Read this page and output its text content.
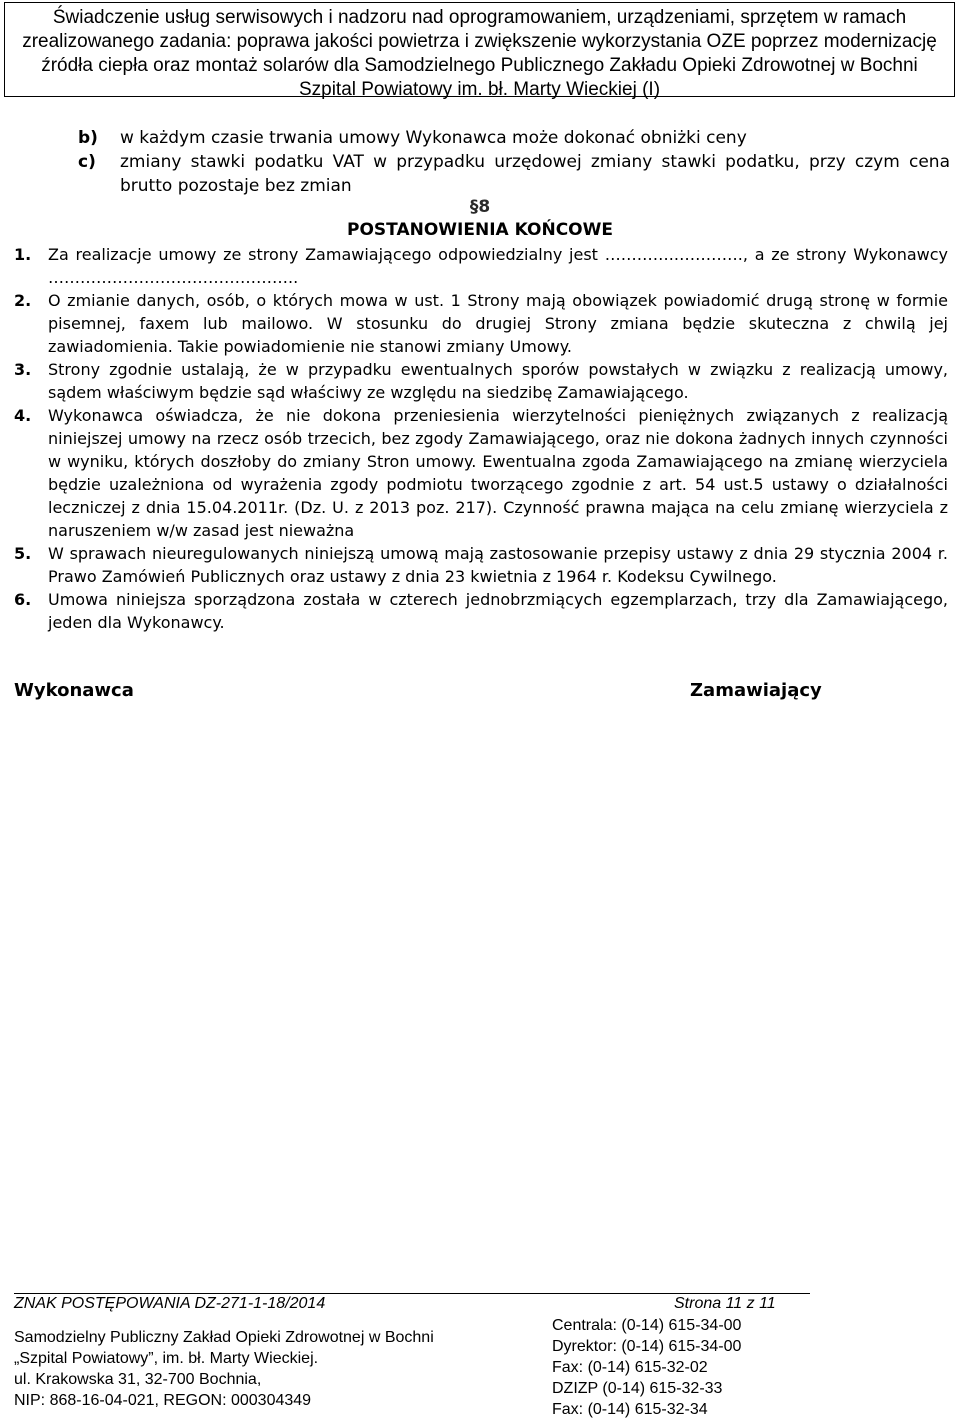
Świadczenie usług serwisowych i nadzoru nad oprogramowaniem, urządzeniami, sprzętem w ramach
zrealizowanego zadania: poprawa jakości powietrza i zwiększenie wykorzystania OZE poprzez modernizację
źródła ciepła oraz montaż solarów dla Samodzielnego Publicznego Zakładu Opieki Zdrowotnej w Bochni
Szpital Powiatowy im. bł. Marty Wieckiej (I)
b)	w każdym czasie trwania umowy Wykonawca może dokonać obniżki ceny
c)	zmiany stawki podatku VAT w przypadku urzędowej zmiany stawki podatku, przy czym cena
brutto pozostaje bez zmian
§8
POSTANOWIENIA KOŃCOWE
1.	Za realizacje umowy ze strony Zamawiającego odpowiedzialny jest ………….…………., a ze strony Wykonawcy ………………………………………..
2.	O zmianie danych, osób, o których mowa w ust. 1 Strony mają obowiązek powiadomić drugą stronę w formie pisemnej, faxem lub mailowo. W stosunku do drugiej Strony zmiana będzie skuteczna z chwilą jej zawiadomienia. Takie powiadomienie nie stanowi zmiany Umowy.
3.	Strony zgodnie ustalają, że w przypadku ewentualnych sporów powstałych w związku z realizacją umowy, sądem właściwym będzie sąd właściwy ze względu na siedzibę Zamawiającego.
4.	Wykonawca oświadcza, że nie dokona przeniesienia wierzytelności pieniężnych związanych z realizacją niniejszej umowy na rzecz osób trzecich, bez zgody Zamawiającego, oraz nie dokona żadnych innych czynności w wyniku, których doszłoby do zmiany Stron umowy. Ewentualna zgoda Zamawiającego na zmianę wierzyciela będzie uzależniona od wyrażenia zgody podmiotu tworzącego zgodnie z art. 54 ust.5 ustawy o działalności leczniczej z dnia 15.04.2011r. (Dz. U. z 2013 poz. 217). Czynność prawna mająca na celu zmianę wierzyciela z naruszeniem w/w zasad jest nieważna
5.	W sprawach nieuregulowanych niniejszą umową mają zastosowanie przepisy ustawy z dnia 29 stycznia 2004 r. Prawo Zamówień Publicznych oraz ustawy z dnia 23 kwietnia z 1964 r. Kodeksu Cywilnego.
6.	Umowa niniejsza sporządzona została w czterech jednobrzmiących egzemplarzach, trzy dla Zamawiającego, jeden dla Wykonawcy.
Wykonawca	Zamawiający
ZNAK POSTĘPOWANIA DZ-271-1-18/2014	Strona 11 z 11
Samodzielny Publiczny Zakład Opieki Zdrowotnej w Bochni
„Szpital Powiatowy”, im. bł. Marty Wieckiej.
ul. Krakowska 31, 32-700 Bochnia,
NIP: 868-16-04-021, REGON: 000304349
Centrala: (0-14) 615-34-00
Dyrektor: (0-14) 615-34-00
Fax: (0-14) 615-32-02
DZIZP (0-14) 615-32-33
Fax: (0-14) 615-32-34
